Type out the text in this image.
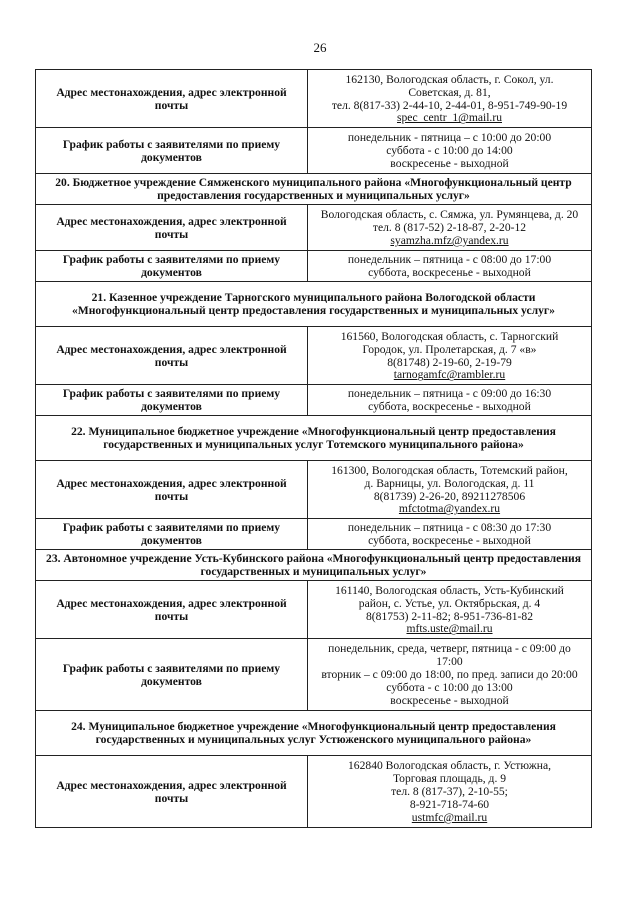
26
Адрес местонахождения, адрес электронной почты	162130, Вологодская область, г. Сокол, ул.
Советская, д. 81,
тел. 8(817-33) 2-44-10, 2-44-01, 8-951-749-90-19
spec_centr_1@mail.ru

График работы с заявителями по приему документов	понедельник - пятница – с 10:00 до 20:00
суббота - с 10:00 до 14:00
воскресенье - выходной

20. Бюджетное учреждение Сямженского муниципального района «Многофункциональный центр предоставления государственных и муниципальных услуг»	
Адрес местонахождения, адрес электронной почты	Вологодская область, с. Сямжа, ул. Румянцева, д. 20
тел. 8 (817-52) 2-18-87, 2-20-12
syamzha.mfz@yandex.ru

График работы с заявителями по приему документов	понедельник – пятница - с 08:00 до 17:00
суббота, воскресенье - выходной

21. Казенное учреждение Тарногского муниципального района Вологодской области «Многофункциональный центр предоставления государственных и муниципальных услуг»	
Адрес местонахождения, адрес электронной почты	161560, Вологодская область, с. Тарногский
Городок, ул. Пролетарская, д. 7 «в»
8(81748) 2-19-60, 2-19-79
tarnogamfc@rambler.ru

График работы с заявителями по приему документов	понедельник – пятница - с 09:00 до 16:30
суббота, воскресенье - выходной

22. Муниципальное бюджетное учреждение «Многофункциональный центр предоставления государственных и муниципальных услуг Тотемского муниципального района»	
Адрес местонахождения, адрес электронной почты	161300, Вологодская область, Тотемский район,
д. Варницы, ул. Вологодская, д. 11
8(81739) 2-26-20, 89211278506
mfctotma@yandex.ru

График работы с заявителями по приему документов	понедельник – пятница - с 08:30 до 17:30
суббота, воскресенье - выходной

23. Автономное учреждение Усть-Кубинского района «Многофункциональный центр предоставления государственных и муниципальных услуг»	
Адрес местонахождения, адрес электронной почты	161140, Вологодская область, Усть-Кубинский
район, с. Устье, ул. Октябрьская, д. 4
8(81753) 2-11-82; 8-951-736-81-82
mfts.uste@mail.ru

График работы с заявителями по приему документов	понедельник, среда, четверг, пятница - с 09:00 до
17:00
вторник – с 09:00 до 18:00, по пред. записи до 20:00
суббота - с 10:00 до 13:00
воскресенье - выходной

24. Муниципальное бюджетное учреждение «Многофункциональный центр предоставления государственных и муниципальных услуг Устюженского муниципального района»	
Адрес местонахождения, адрес электронной почты	162840 Вологодская область, г. Устюжна,
Торговая площадь, д. 9
тел. 8 (817-37), 2-10-55;
8-921-718-74-60
ustmfc@mail.ru
